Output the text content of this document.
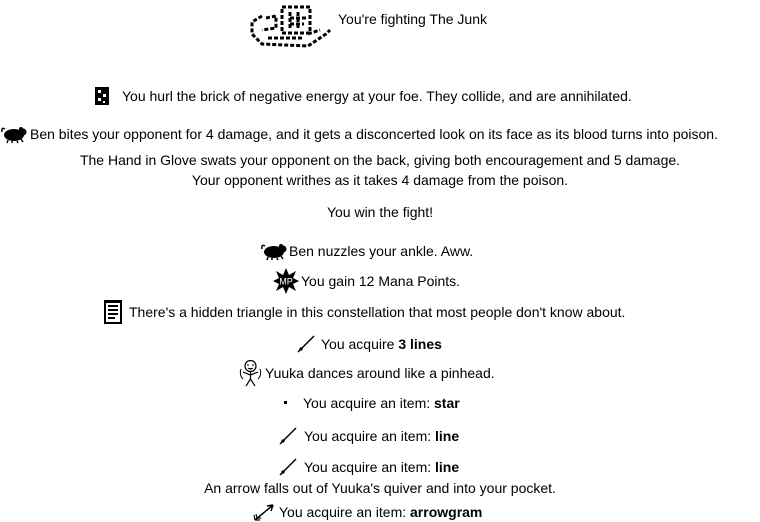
You're fighting The Junk
You hurl the brick of negative energy at your foe. They collide, and are annihilated.
Ben bites your opponent for 4 damage, and it gets a disconcerted look on its face as its blood turns into poison.
The Hand in Glove swats your opponent on the back, giving both encouragement and 5 damage.
Your opponent writhes as it takes 4 damage from the poison.
You win the fight!
Ben nuzzles your ankle. Aww.
MP You gain 12 Mana Points.
There's a hidden triangle in this constellation that most people don't know about.
You acquire 3 lines
Yuuka dances around like a pinhead.
You acquire an item: star
You acquire an item: line
You acquire an item: line
An arrow falls out of Yuuka's quiver and into your pocket.
You acquire an item: arrowgram
